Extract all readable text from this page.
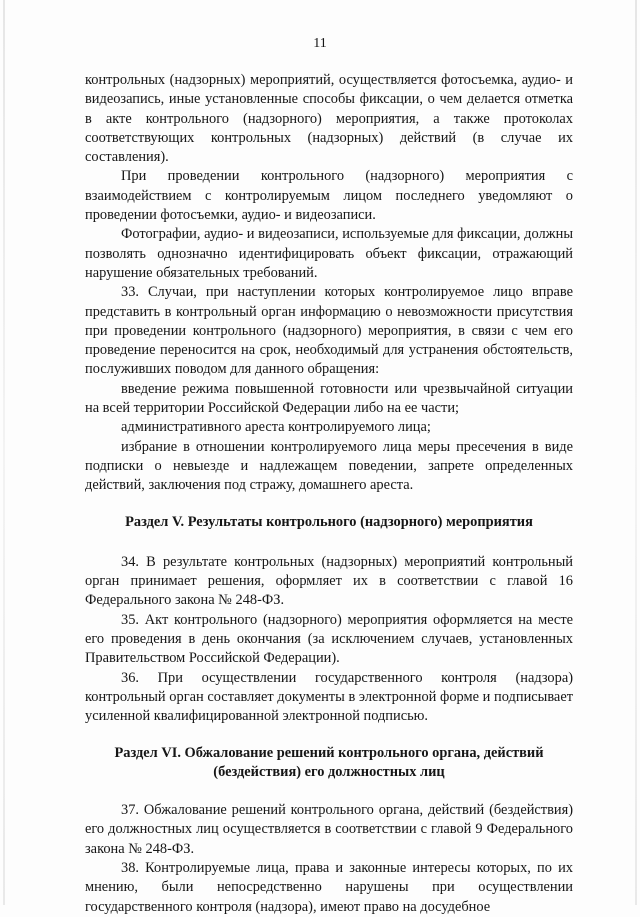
11

контрольных (надзорных) мероприятий, осуществляется фотосъемка, аудио- и видеозапись, иные установленные способы фиксации, о чем делается отметка в акте контрольного (надзорного) мероприятия, а также протоколах соответствующих контрольных (надзорных) действий (в случае их составления).

При проведении контрольного (надзорного) мероприятия с взаимодействием с контролируемым лицом последнего уведомляют о проведении фотосъемки, аудио- и видеозаписи.

Фотографии, аудио- и видеозаписи, используемые для фиксации, должны позволять однозначно идентифицировать объект фиксации, отражающий нарушение обязательных требований.

33. Случаи, при наступлении которых контролируемое лицо вправе представить в контрольный орган информацию о невозможности присутствия при проведении контрольного (надзорного) мероприятия, в связи с чем его проведение переносится на срок, необходимый для устранения обстоятельств, послуживших поводом для данного обращения:

введение режима повышенной готовности или чрезвычайной ситуации на всей территории Российской Федерации либо на ее части;

административного ареста контролируемого лица;

избрание в отношении контролируемого лица меры пресечения в виде подписки о невыезде и надлежащем поведении, запрете определенных действий, заключения под стражу, домашнего ареста.

Раздел V. Результаты контрольного (надзорного) мероприятия

34. В результате контрольных (надзорных) мероприятий контрольный орган принимает решения, оформляет их в соответствии с главой 16 Федерального закона № 248-ФЗ.

35. Акт контрольного (надзорного) мероприятия оформляется на месте его проведения в день окончания (за исключением случаев, установленных Правительством Российской Федерации).

36. При осуществлении государственного контроля (надзора) контрольный орган составляет документы в электронной форме и подписывает усиленной квалифицированной электронной подписью.

Раздел VI. Обжалование решений контрольного органа, действий
(бездействия) его должностных лиц

37. Обжалование решений контрольного органа, действий (бездействия) его должностных лиц осуществляется в соответствии с главой 9 Федерального закона № 248-ФЗ.

38. Контролируемые лица, права и законные интересы которых, по их мнению, были непосредственно нарушены при осуществлении государственного контроля (надзора), имеют право на досудебное
